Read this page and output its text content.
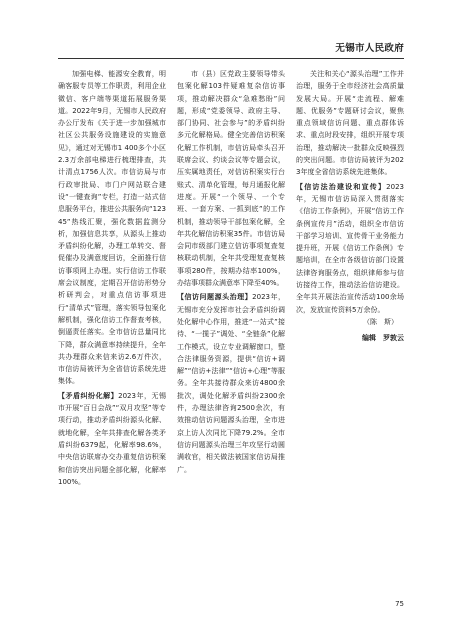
无锡市人民政府

加强电梯、能源安全教育，明确客服专员等工作职责，利用企业微信、客户端等渠道拓展服务渠道。2022年9月，无锡市人民政府办公厅发布《关于进一步加强城市社区公共服务设施建设的实施意见》，通过对无锡市1 400多个小区2.3万余部电梯进行梳理排查，共计清点1756人次。市信访局与市行政审批局、市门户网站联合建设“一键查询”专栏，打造一站式信息服务平台，推进公共服务向“12345”热线汇聚，强化数据监测分析，加强信息共享，从源头上推动矛盾纠纷化解，办理工单转交、督促催办及满意度回访，全面推行信访事项网上办理。实行信访工作联席会议制度，定期召开信访形势分析研判会，对重点信访事项进行“清单式”管理，落实领导包案化解机制，强化信访工作督查考核，倒逼责任落实。全市信访总量同比下降，群众满意率持续提升，全年共办理群众来信来访2.6万件次，市信访局被评为全省信访系统先进集体。

【矛盾纠纷化解】2023年，无锡市开展“百日会战”“双月攻坚”等专项行动，推动矛盾纠纷源头化解、就地化解，全年共排查化解各类矛盾纠纷6379起，化解率98.6%，中央信访联席办交办重复信访积案和信访突出问题全部化解，化解率100%。

市（县）区党政主要领导带头包案化解103件疑难复杂信访事项，推动解决群众“急难愁盼”问题，形成“党委领导、政府主导、部门协同、社会参与”的矛盾纠纷多元化解格局。健全完善信访积案化解工作机制，市信访局牵头召开联席会议、约谈会议等专题会议，压实属地责任，对信访积案实行台账式、清单化管理，每月通报化解进度。开展“一个领导、一个专班、一套方案、一抓到底”的工作机制，推动领导干部包案化解，全年共化解信访积案35件。市信访局会同市级部门建立信访事项复查复核联动机制，全年共受理复查复核事项280件，按期办结率100%，办结事项群众满意率下降至40%。

【信访问题源头治理】2023年，无锡市充分发挥市社会矛盾纠纷调处化解中心作用，推进“一站式”接待、“一揽子”调处、“全链条”化解工作模式，设立专业调解窗口，整合法律服务资源，提供“信访+调解”“信访+法律”“信访+心理”等服务。全年共接待群众来访4800余批次，调处化解矛盾纠纷2300余件，办理法律咨询2500余次，有效推动信访问题源头治理，全市进京上访人次同比下降79.2%。全市信访问题源头治理三年攻坚行动圆满收官，相关做法被国家信访局推广。

关注和关心“源头治理”工作并治理，服务于全市经济社会高质量发展大局。开展“走流程、解难题、优服务”专题研讨会议，聚焦重点领域信访问题、重点群体诉求、重点时段安排，组织开展专项治理，推动解决一批群众反映强烈的突出问题。市信访局被评为2023年度全省信访系统先进集体。

【信访法治建设和宣传】2023年，无锡市信访局深入贯彻落实《信访工作条例》，开展“信访工作条例宣传月”活动，组织全市信访干部学习培训、宣传骨干业务能力提升班，开展《信访工作条例》专题培训，在全市各级信访部门设置法律咨询服务点，组织律师参与信访接待工作，推动法治信访建设。全年共开展法治宣传活动100余场次，发放宣传资料5万余份。

（陈　斯）
编辑　罗敦云
75
